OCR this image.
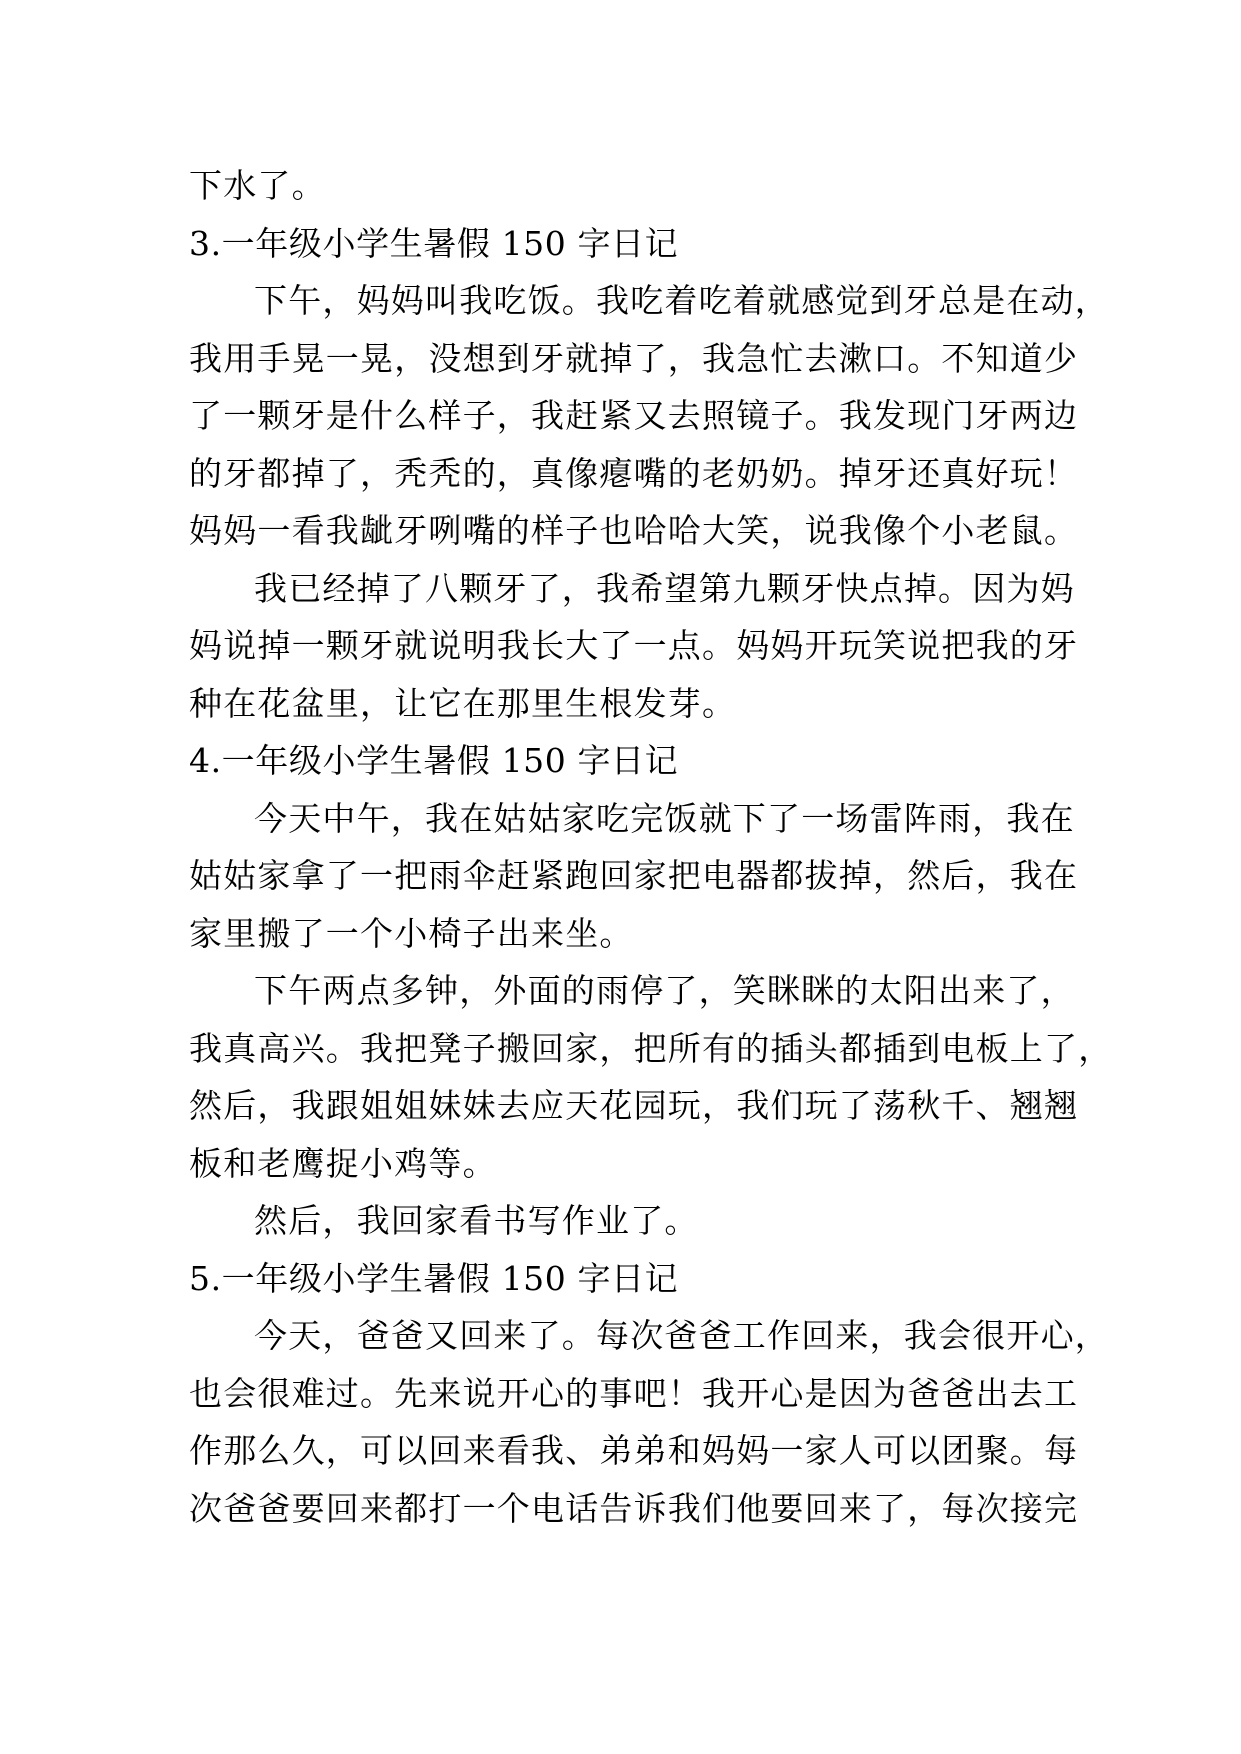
下水了。
3.一年级小学生暑假 150 字日记
下午，妈妈叫我吃饭。我吃着吃着就感觉到牙总是在动，
我用手晃一晃，没想到牙就掉了，我急忙去漱口。不知道少
了一颗牙是什么样子，我赶紧又去照镜子。我发现门牙两边
的牙都掉了，秃秃的，真像瘪嘴的老奶奶。掉牙还真好玩！
妈妈一看我龇牙咧嘴的样子也哈哈大笑，说我像个小老鼠。
我已经掉了八颗牙了，我希望第九颗牙快点掉。因为妈
妈说掉一颗牙就说明我长大了一点。妈妈开玩笑说把我的牙
种在花盆里，让它在那里生根发芽。
4.一年级小学生暑假 150 字日记
今天中午，我在姑姑家吃完饭就下了一场雷阵雨，我在
姑姑家拿了一把雨伞赶紧跑回家把电器都拔掉，然后，我在
家里搬了一个小椅子出来坐。
下午两点多钟，外面的雨停了，笑眯眯的太阳出来了，
我真高兴。我把凳子搬回家，把所有的插头都插到电板上了，
然后，我跟姐姐妹妹去应天花园玩，我们玩了荡秋千、翘翘
板和老鹰捉小鸡等。
然后，我回家看书写作业了。
5.一年级小学生暑假 150 字日记
今天，爸爸又回来了。每次爸爸工作回来，我会很开心，
也会很难过。先来说开心的事吧！我开心是因为爸爸出去工
作那么久，可以回来看我、弟弟和妈妈一家人可以团聚。每
次爸爸要回来都打一个电话告诉我们他要回来了，每次接完
